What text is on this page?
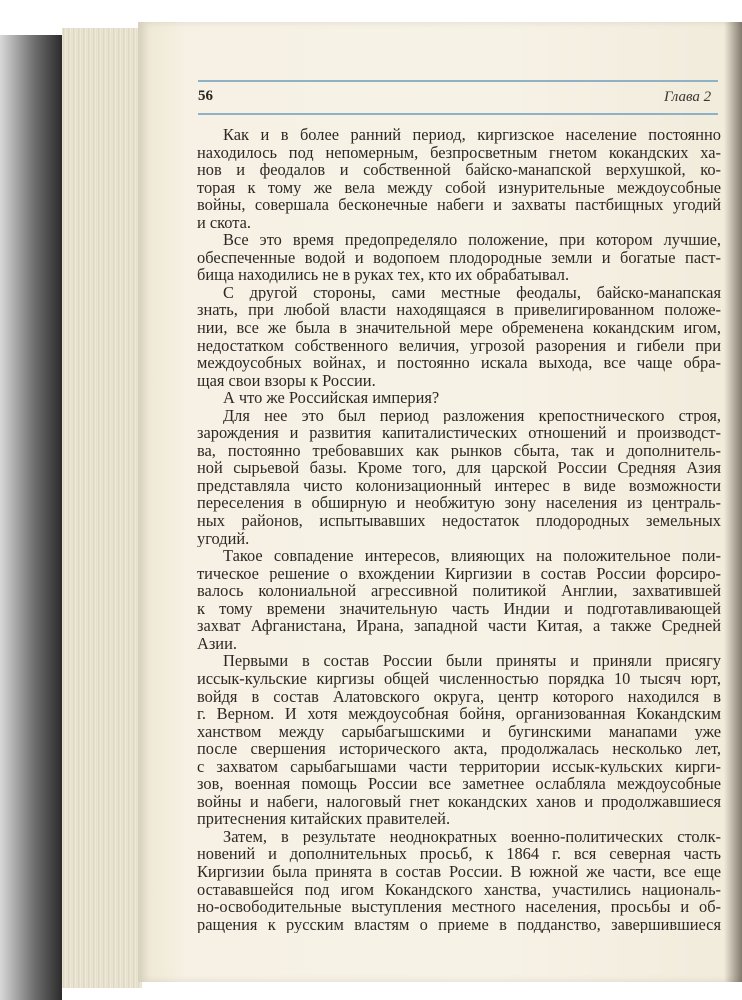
56	Глава 2
Как и в более ранний период, киргизское население постоянно
находилось под непомерным, безпросветным гнетом кокандских ха-
нов и феодалов и собственной байско-манапской верхушкой, ко-
торая к тому же вела между собой изнурительные междоусобные
войны, совершала бесконечные набеги и захваты пастбищных угодий
и скота.
Все это время предопределяло положение, при котором лучшие,
обеспеченные водой и водопоем плодородные земли и богатые паст-
бища находились не в руках тех, кто их обрабатывал.
С другой стороны, сами местные феодалы, байско-манапская
знать, при любой власти находящаяся в привелигированном положе-
нии, все же была в значительной мере обременена кокандским игом,
недостатком собственного величия, угрозой разорения и гибели при
междоусобных войнах, и постоянно искала выхода, все чаще обра-
щая свои взоры к России.
А что же Российская империя?
Для нее это был период разложения крепостнического строя,
зарождения и развития капиталистических отношений и производст-
ва, постоянно требовавших как рынков сбыта, так и дополнитель-
ной сырьевой базы. Кроме того, для царской России Средняя Азия
представляла чисто колонизационный интерес в виде возможности
переселения в обширную и необжитую зону населения из централь-
ных районов, испытывавших недостаток плодородных земельных
угодий.
Такое совпадение интересов, влияющих на положительное поли-
тическое решение о вхождении Киргизии в состав России форсиро-
валось колониальной агрессивной политикой Англии, захватившей
к тому времени значительную часть Индии и подготавливающей
захват Афганистана, Ирана, западной части Китая, а также Средней
Азии.
Первыми в состав России были приняты и приняли присягу
иссык-кульские киргизы общей численностью порядка 10 тысяч юрт,
войдя в состав Алатовского округа, центр которого находился в
г. Верном. И хотя междоусобная бойня, организованная Кокандским
ханством между сарыбагышскими и бугинскими манапами уже
после свершения исторического акта, продолжалась несколько лет,
с захватом сарыбагышами части территории иссык-кульских кирги-
зов, военная помощь России все заметнее ослабляла междоусобные
войны и набеги, налоговый гнет кокандских ханов и продолжавшиеся
притеснения китайских правителей.
Затем, в результате неоднократных военно-политических столк-
новений и дополнительных просьб, к 1864 г. вся северная часть
Киргизии была принята в состав России. В южной же части, все еще
остававшейся под игом Кокандского ханства, участились националь-
но-освободительные выступления местного населения, просьбы и об-
ращения к русским властям о приеме в подданство, завершившиеся
